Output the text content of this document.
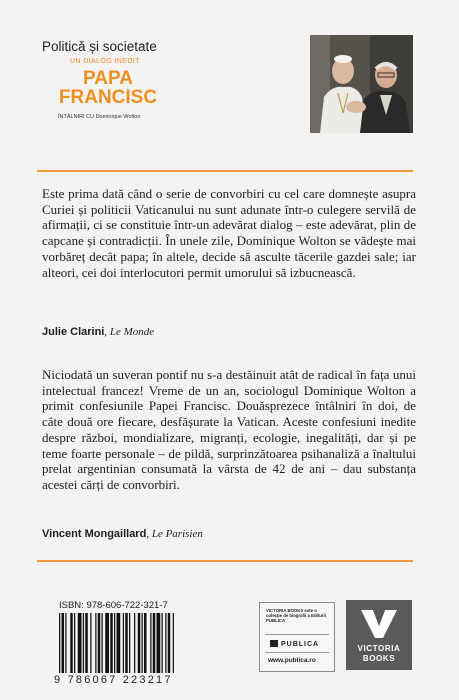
Politică și societate
UN DIALOG INEDIT
PAPA
FRANCISC
ÎNTÂLNIRI CU Dominique Wolton

Este prima dată când o serie de convorbiri cu cel care domnește asupra Curiei și politicii Vaticanului nu sunt adunate într-o culegere servilă de afirmații, ci se constituie într-un adevărat dialog – este adevărat, plin de capcane și contradicții. În unele zile, Dominique Wolton se vădește mai vorbăreț decât papa; în altele, decide să asculte tăcerile gazdei sale; iar alteori, cei doi interlocutori permit umorului să izbucnească.

Julie Clarini, Le Monde

Niciodată un suveran pontif nu s-a destăinuit atât de radical în fața unui intelectual francez! Vreme de un an, sociologul Dominique Wolton a primit confesiunile Papei Francisc. Douăsprezece întâlniri în doi, de câte două ore fiecare, desfășurate la Vatican. Aceste confesiuni inedite despre război, mondializare, migranți, ecologie, inegalități, dar și pe teme foarte personale – de pildă, surprinzătoarea psihanaliză a înaltului prelat argentinian consumată la vârsta de 42 de ani – dau substanța acestei cărți de convorbiri.

Vincent Mongaillard, Le Parisien
ISBN: 978-606-722-321-7
9 786067 223217
VICTORIA BOOKS este o colecție de biografii a Editurii PUBLICA
PUBLICA
www.publica.ro
VICTORIA
BOOKS
